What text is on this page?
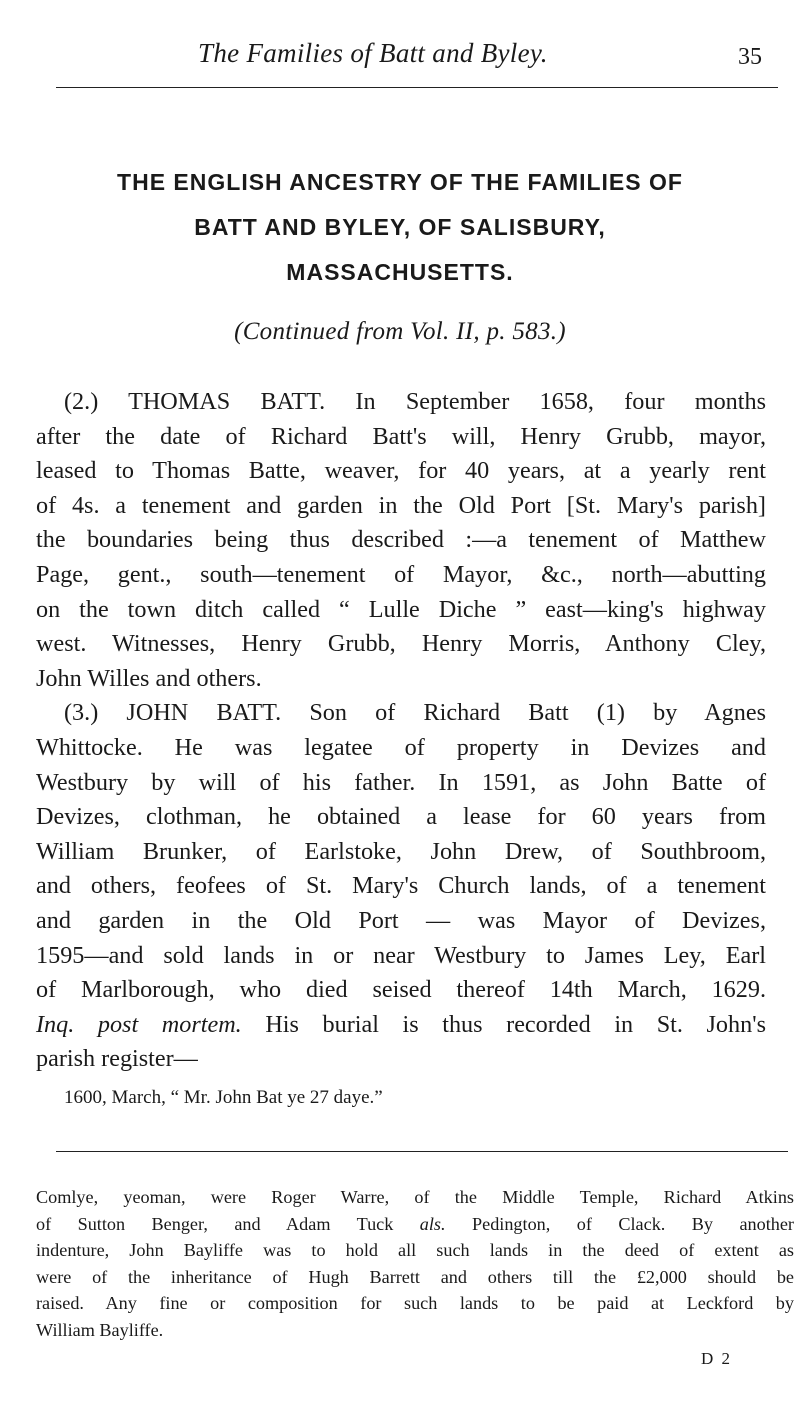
The Families of Batt and Byley.	35
THE ENGLISH ANCESTRY OF THE FAMILIES OF
BATT AND BYLEY, OF SALISBURY,
MASSACHUSETTS.
(Continued from Vol. II, p. 583.)
(2.) THOMAS BATT. In September 1658, four months
after the date of Richard Batt's will, Henry Grubb, mayor,
leased to Thomas Batte, weaver, for 40 years, at a yearly rent
of 4s. a tenement and garden in the Old Port [St. Mary's parish]
the boundaries being thus described :—a tenement of Matthew
Page, gent., south—tenement of Mayor, &c., north—abutting
on the town ditch called “ Lulle Diche ” east—king's highway
west. Witnesses, Henry Grubb, Henry Morris, Anthony Cley,
John Willes and others.
(3.) JOHN BATT. Son of Richard Batt (1) by Agnes
Whittocke. He was legatee of property in Devizes and
Westbury by will of his father. In 1591, as John Batte of
Devizes, clothman, he obtained a lease for 60 years from
William Brunker, of Earlstoke, John Drew, of Southbroom,
and others, feofees of St. Mary's Church lands, of a tenement
and garden in the Old Port — was Mayor of Devizes,
1595—and sold lands in or near Westbury to James Ley, Earl
of Marlborough, who died seised thereof 14th March, 1629.
Inq. post mortem. His burial is thus recorded in St. John's
parish register—
1600, March, “ Mr. John Bat ye 27 daye.”
Comlye, yeoman, were Roger Warre, of the Middle Temple, Richard Atkins
of Sutton Benger, and Adam Tuck als. Pedington, of Clack. By another
indenture, John Bayliffe was to hold all such lands in the deed of extent as
were of the inheritance of Hugh Barrett and others till the £2,000 should be
raised. Any fine or composition for such lands to be paid at Leckford by
William Bayliffe.
D 2
